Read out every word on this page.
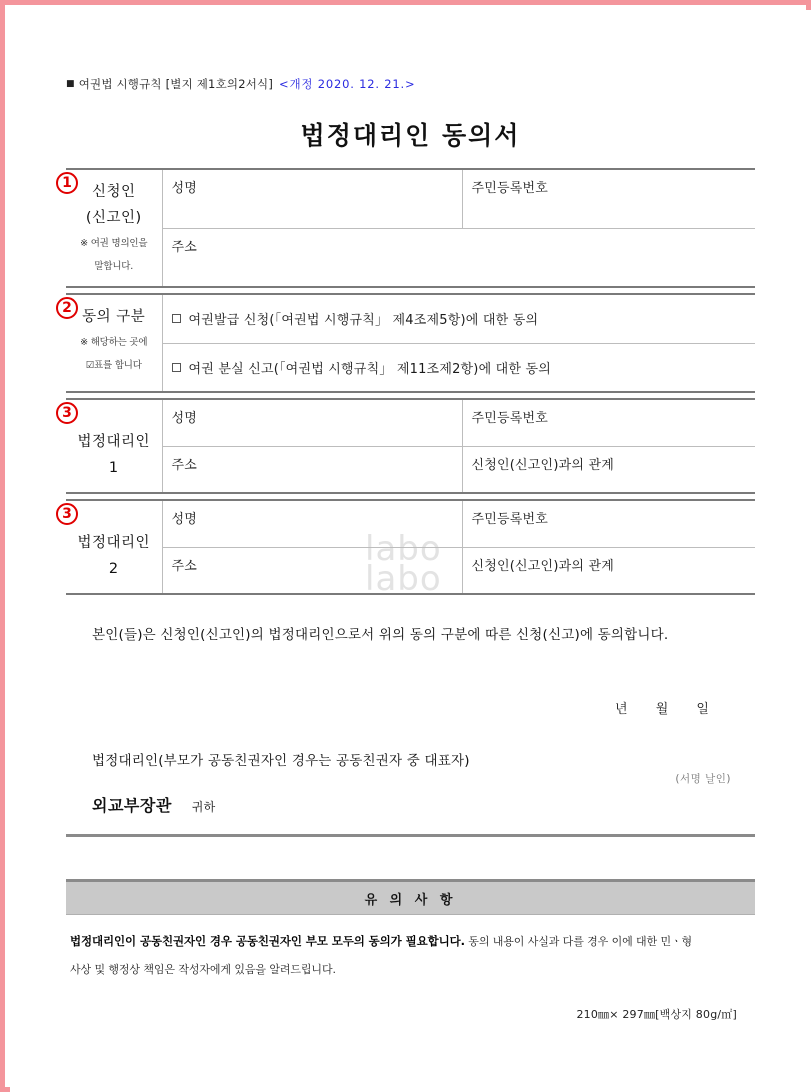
labo
labo
■ 여권법 시행규칙 [별지 제1호의2서식] <개정 2020. 12. 21.>
법정대리인 동의서
1
신청인
(신고인)
※ 여권 명의인을
말합니다.
	성명	주민등록번호
주소
2
동의 구분
※ 해당하는 곳에
☑표를 합니다

여권발급 신청(「여권법 시행규칙」 제4조제5항)에 대한 동의

여권 분실 신고(「여권법 시행규칙」 제11조제2항)에 대한 동의
3
법정대리인
1	성명	주민등록번호
	주소	신청인(신고인)과의 관계
3
법정대리인
2	성명	주민등록번호
	주소	신청인(신고인)과의 관계
본인(들)은 신청인(신고인)의 법정대리인으로서 위의 동의 구분에 따른 신청(신고)에 동의합니다.
년 월 일
법정대리인(부모가 공동친권자인 경우는 공동친권자 중 대표자)
(서명 날인)
외교부장관 귀하
유 의 사 항
법정대리인이 공동친권자인 경우 공동친권자인 부모 모두의 동의가 필요합니다. 동의 내용이 사실과 다를 경우 이에 대한 민ㆍ형
사상 및 행정상 책임은 작성자에게 있음을 알려드립니다.
210㎜× 297㎜[백상지 80g/㎡]
